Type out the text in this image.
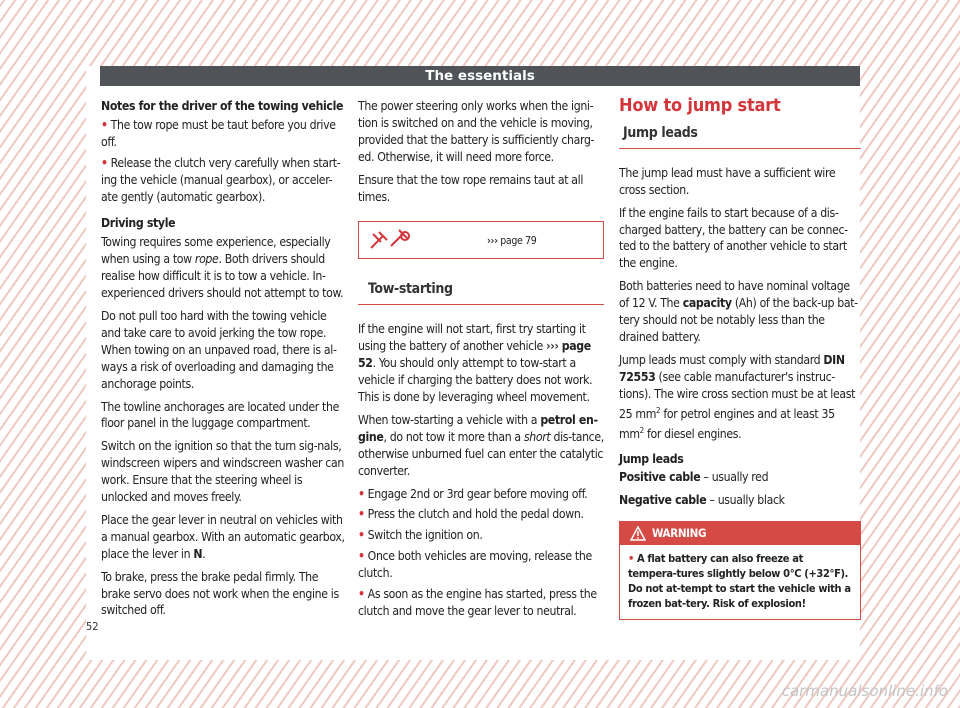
The essentials

Notes for the driver of the towing vehicle

• The tow rope must be taut before you drive off.

• Release the clutch very carefully when start-ing the vehicle (manual gearbox), or acceler-ate gently (automatic gearbox).

Driving style

Towing requires some experience, especially when using a tow rope. Both drivers should realise how difficult it is to tow a vehicle. In-experienced drivers should not attempt to tow.

Do not pull too hard with the towing vehicle and take care to avoid jerking the tow rope. When towing on an unpaved road, there is al-ways a risk of overloading and damaging the anchorage points.

The towline anchorages are located under the floor panel in the luggage compartment.

Switch on the ignition so that the turn sig-nals, windscreen wipers and windscreen washer can work. Ensure that the steering wheel is unlocked and moves freely.

Place the gear lever in neutral on vehicles with a manual gearbox. With an automatic gearbox, place the lever in N.

To brake, press the brake pedal firmly. The brake servo does not work when the engine is switched off.

The power steering only works when the igni-tion is switched on and the vehicle is moving, provided that the battery is sufficiently charg-ed. Otherwise, it will need more force.

Ensure that the tow rope remains taut at all times.

››› page 79

Tow-starting

If the engine will not start, first try starting it using the battery of another vehicle ››› page 52. You should only attempt to tow-start a vehicle if charging the battery does not work. This is done by leveraging wheel movement.

When tow-starting a vehicle with a petrol en-gine, do not tow it more than a short dis-tance, otherwise unburned fuel can enter the catalytic converter.

• Engage 2nd or 3rd gear before moving off.

• Press the clutch and hold the pedal down.

• Switch the ignition on.

• Once both vehicles are moving, release the clutch.

• As soon as the engine has started, press the clutch and move the gear lever to neutral.

How to jump start

Jump leads

The jump lead must have a sufficient wire cross section.

If the engine fails to start because of a dis-charged battery, the battery can be connec-ted to the battery of another vehicle to start the engine.

Both batteries need to have nominal voltage of 12 V. The capacity (Ah) of the back-up bat-tery should not be notably less than the drained battery.

Jump leads must comply with standard DIN 72553 (see cable manufacturer's instruc-tions). The wire cross section must be at least 25 $mm^2$ for petrol engines and at least 35 $mm^2$ for diesel engines.

Jump leads

Positive cable – usually red

Negative cable – usually black

WARNING
• A flat battery can also freeze at tempera-tures slightly below 0°C (+32°F). Do not at-tempt to start the vehicle with a frozen bat-tery. Risk of explosion!
52
carmanualsonline.info
